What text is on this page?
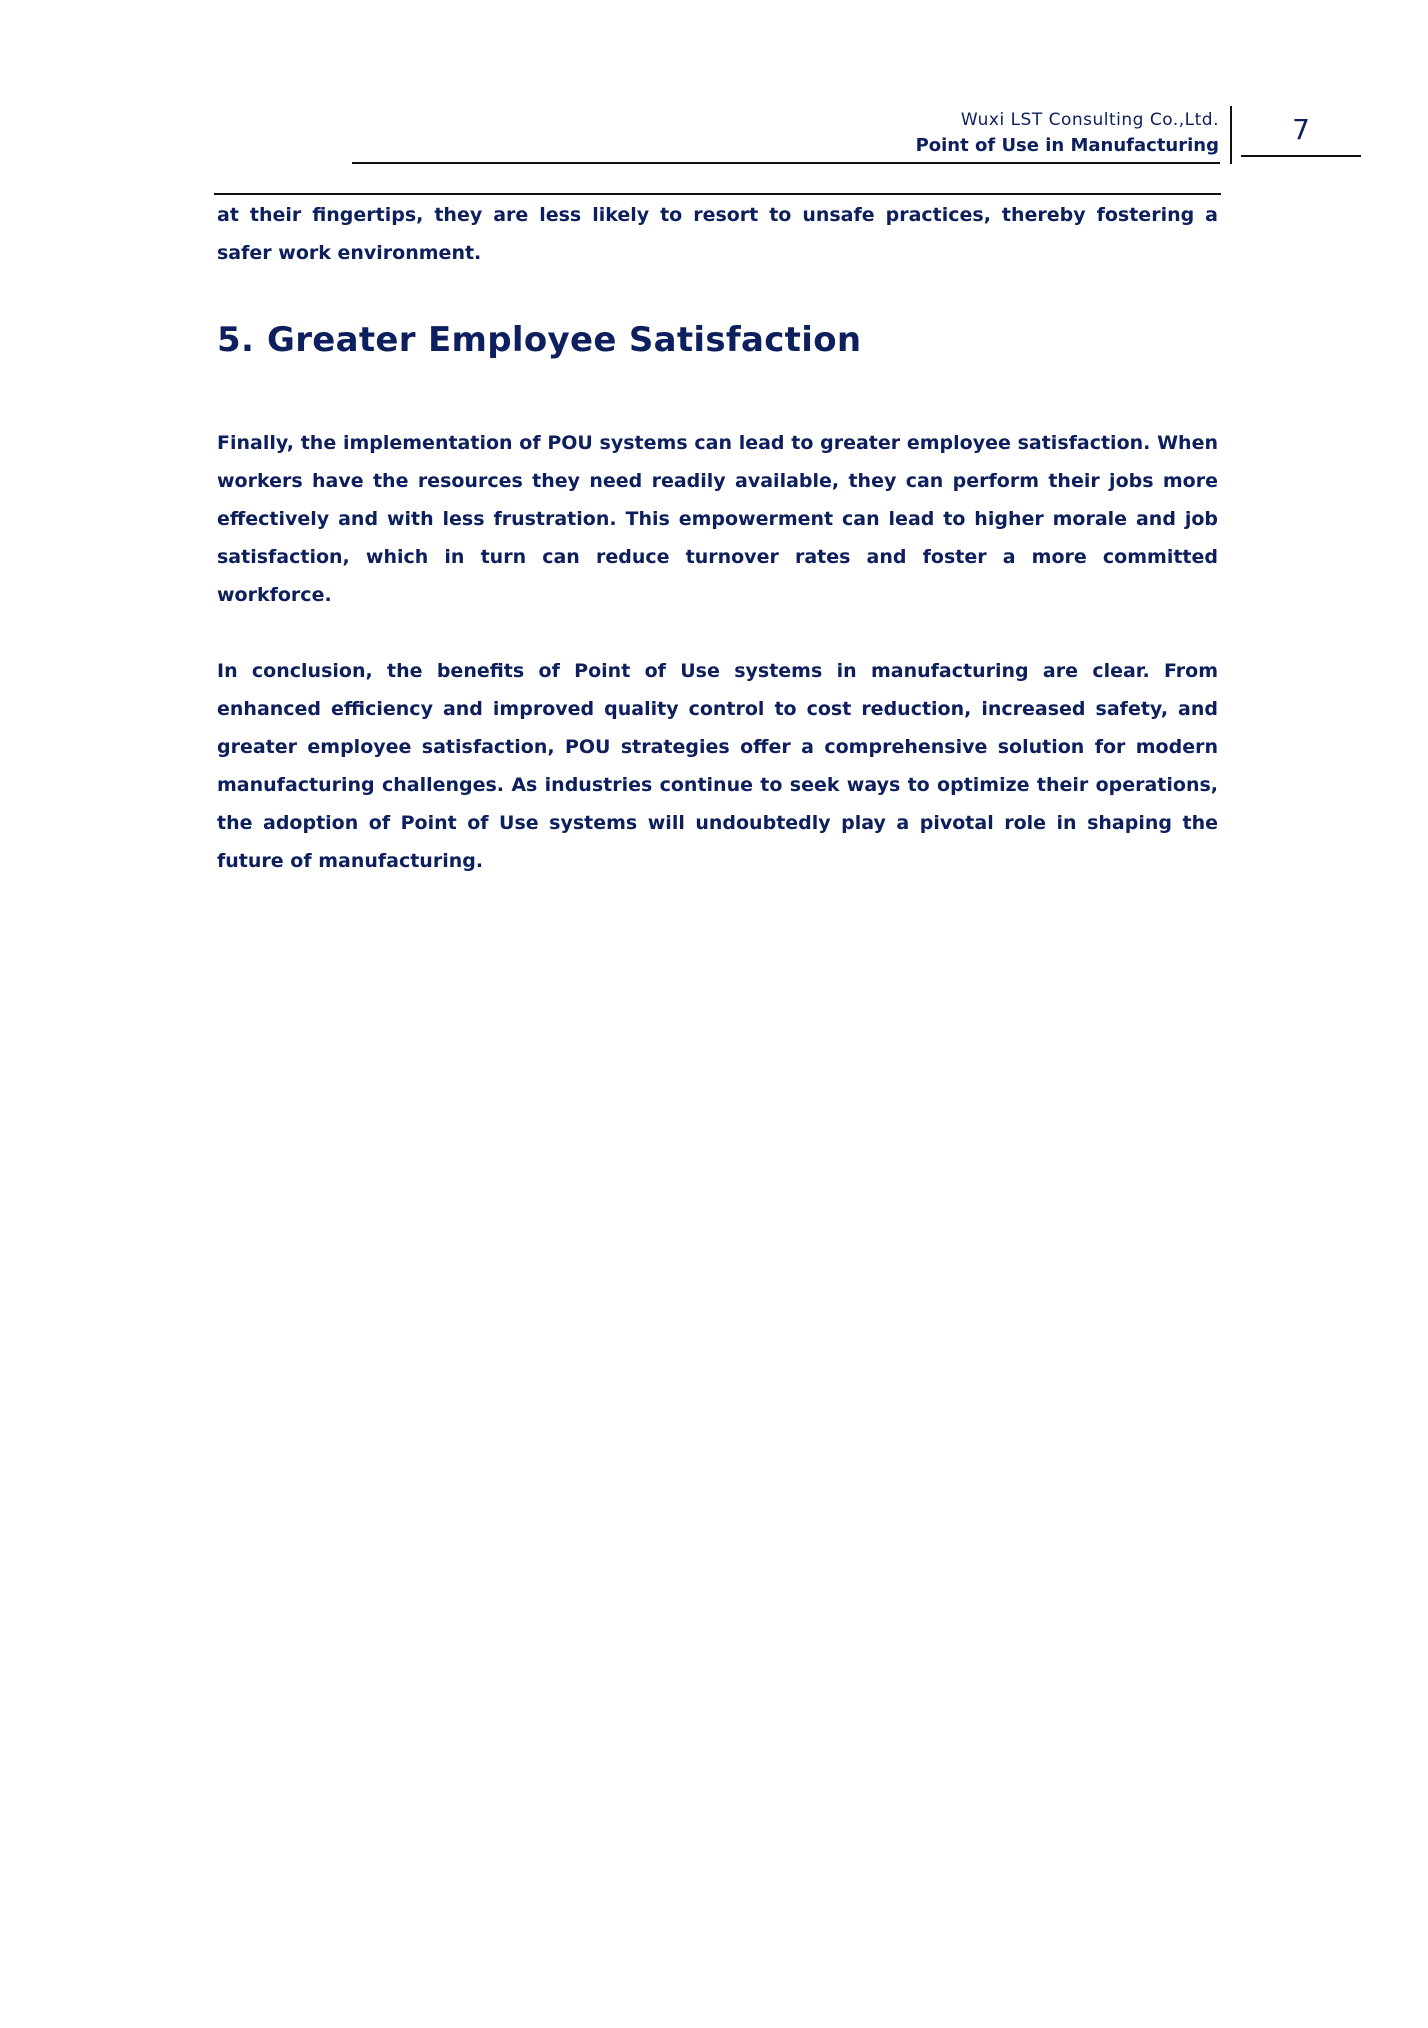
Wuxi LST Consulting Co.,Ltd.
Point of Use in Manufacturing	7

at their fingertips, they are less likely to resort to unsafe practices, thereby fostering a safer work environment.

5. Greater Employee Satisfaction

Finally, the implementation of POU systems can lead to greater employee satisfaction. When workers have the resources they need readily available, they can perform their jobs more effectively and with less frustration. This empowerment can lead to higher morale and job satisfaction, which in turn can reduce turnover rates and foster a more committed workforce.

In conclusion, the benefits of Point of Use systems in manufacturing are clear. From enhanced efficiency and improved quality control to cost reduction, increased safety, and greater employee satisfaction, POU strategies offer a comprehensive solution for modern manufacturing challenges. As industries continue to seek ways to optimize their operations, the adoption of Point of Use systems will undoubtedly play a pivotal role in shaping the future of manufacturing.
